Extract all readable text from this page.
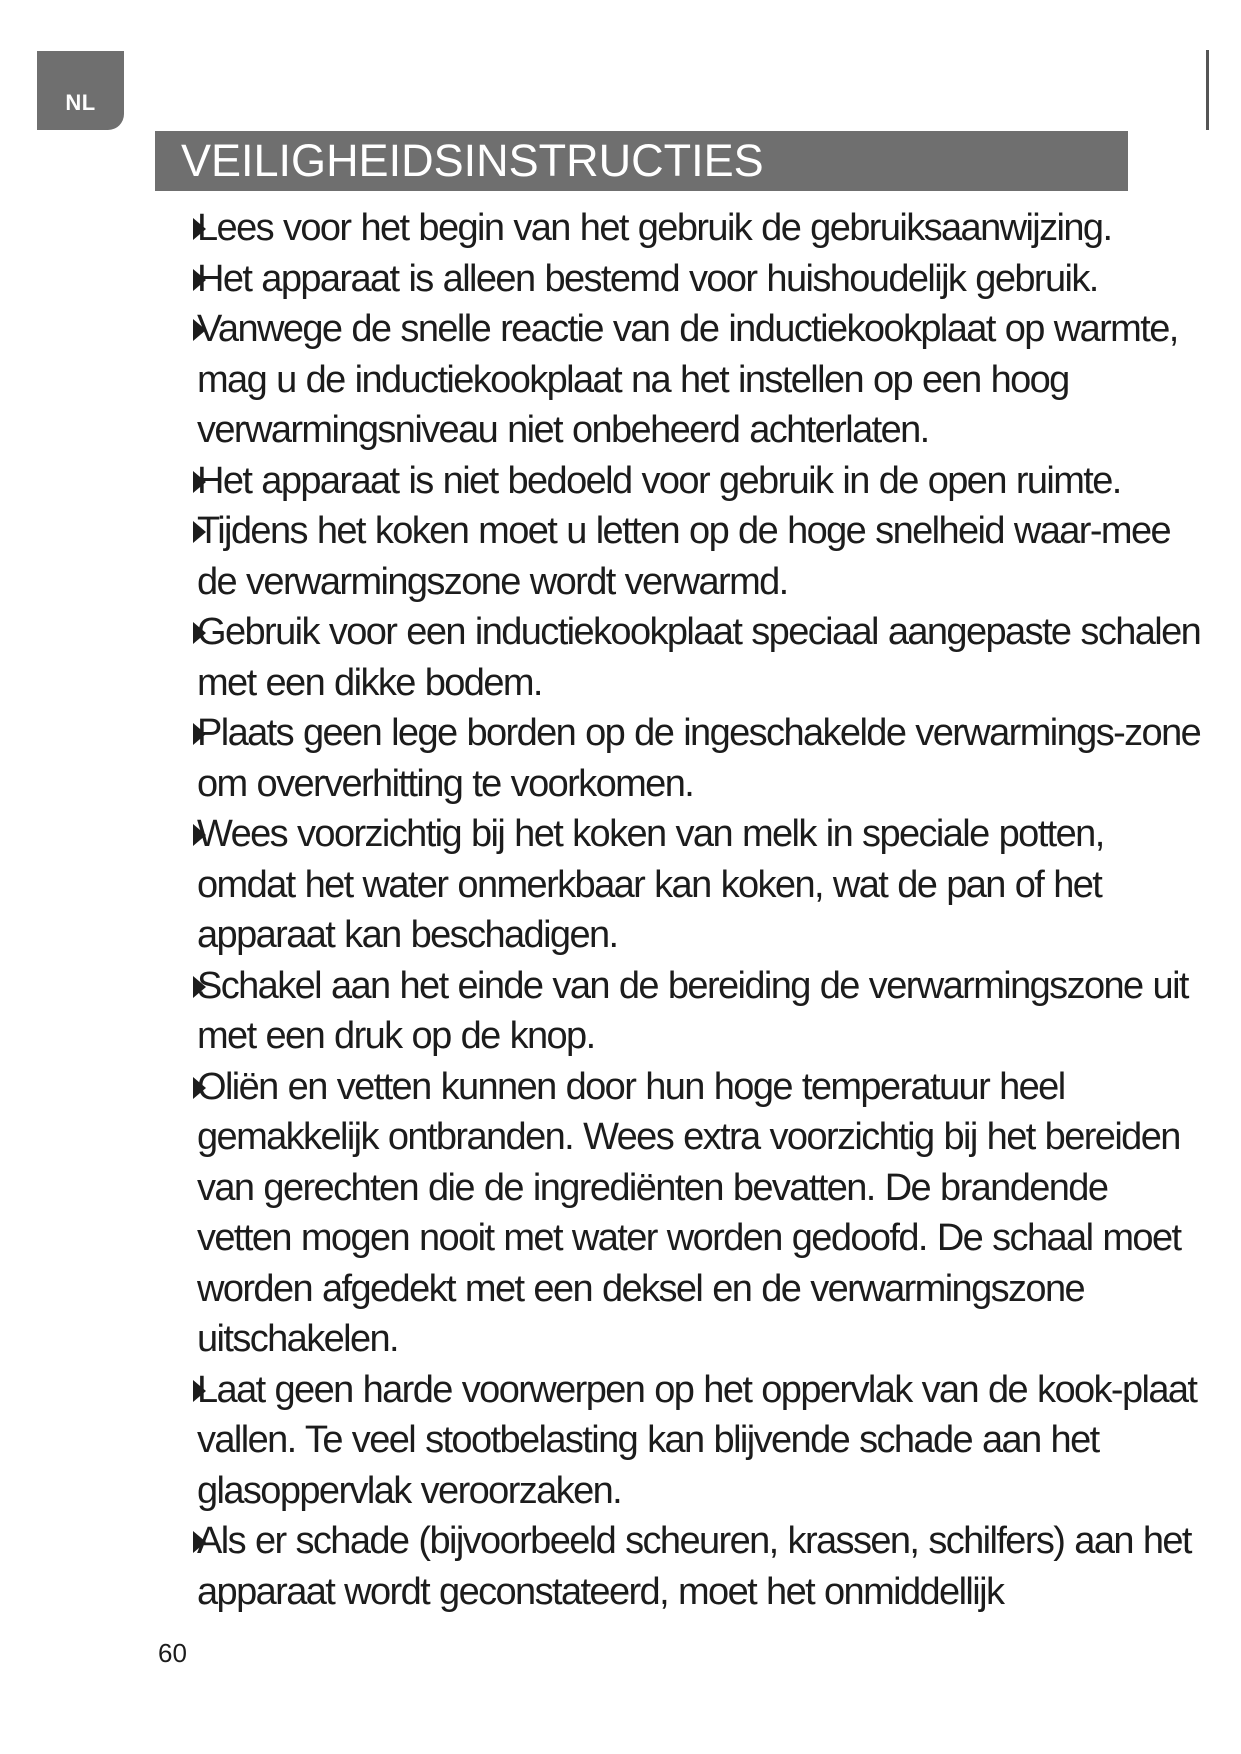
NL
VEILIGHEIDSINSTRUCTIES
Lees voor het begin van het gebruik de gebruiksaanwijzing.
Het apparaat is alleen bestemd voor huishoudelijk gebruik.
Vanwege de snelle reactie van de inductiekookplaat op warmte, mag u de inductiekookplaat na het instellen op een hoog verwarmingsniveau niet onbeheerd achterlaten.
Het apparaat is niet bedoeld voor gebruik in de open ruimte.
Tijdens het koken moet u letten op de hoge snelheid waar-mee de verwarmingszone wordt verwarmd.
Gebruik voor een inductiekookplaat speciaal aangepaste schalen met een dikke bodem.
Plaats geen lege borden op de ingeschakelde verwarmings-zone om oververhitting te voorkomen.
Wees voorzichtig bij het koken van melk in speciale potten, omdat het water onmerkbaar kan koken, wat de pan of het apparaat kan beschadigen.
Schakel aan het einde van de bereiding de verwarmingszone uit met een druk op de knop.
Oliën en vetten kunnen door hun hoge temperatuur heel gemakkelijk ontbranden. Wees extra voorzichtig bij het bereiden van gerechten die de ingrediënten bevatten. De brandende vetten mogen nooit met water worden gedoofd. De schaal moet worden afgedekt met een deksel en de verwarmingszone uitschakelen.
Laat geen harde voorwerpen op het oppervlak van de kook-plaat vallen. Te veel stootbelasting kan blijvende schade aan het glasoppervlak veroorzaken.
Als er schade (bijvoorbeeld scheuren, krassen, schilfers) aan het apparaat wordt geconstateerd, moet het onmiddellijk
60
